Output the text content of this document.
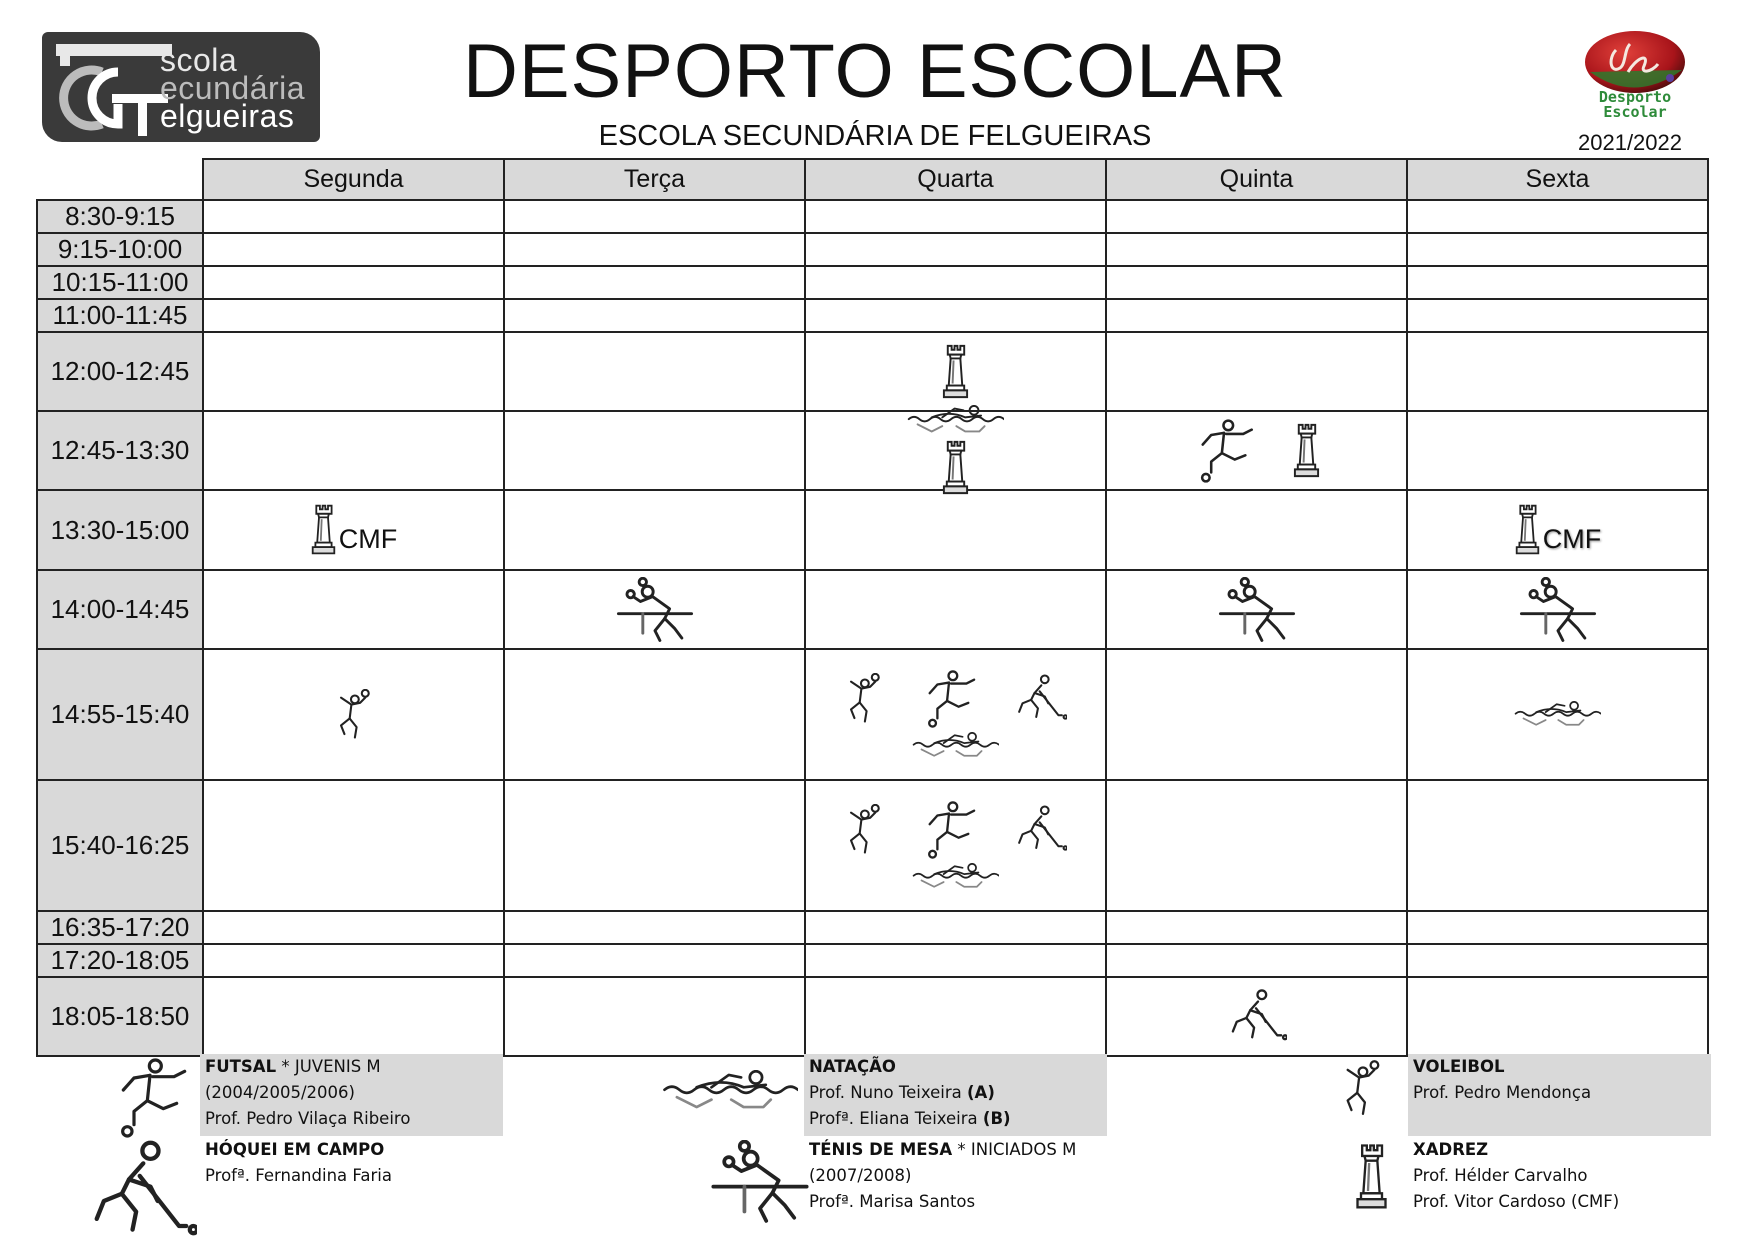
scola
ecundária
elgueiras
DESPORTO ESCOLAR
ESCOLA SECUNDÁRIA DE FELGUEIRAS
Desporto
Escolar
2021/2022
	Segunda	Terça	Quarta	Quinta	Sexta
8:30-9:15					
9:15-10:00					
10:15-11:00					
11:00-11:45					
12:00-12:45			

12:45-13:30			

13:30-15:00	CMF				CMF

14:00-14:45		

14:55-15:40	

15:40-16:25			

16:35-17:20					
17:20-18:05					
18:05-18:50				

FUTSAL * JUVENIS M
(2004/2005/2006)
Prof. Pedro Vilaça Ribeiro
NATAÇÃO
Prof. Nuno Teixeira (A)
Profª. Eliana Teixeira (B)
VOLEIBOL
Prof. Pedro Mendonça
HÓQUEI EM CAMPO
Profª. Fernandina Faria
TÉNIS DE MESA * INICIADOS M
(2007/2008)
Profª. Marisa Santos
XADREZ
Prof. Hélder Carvalho
Prof. Vitor Cardoso (CMF)
